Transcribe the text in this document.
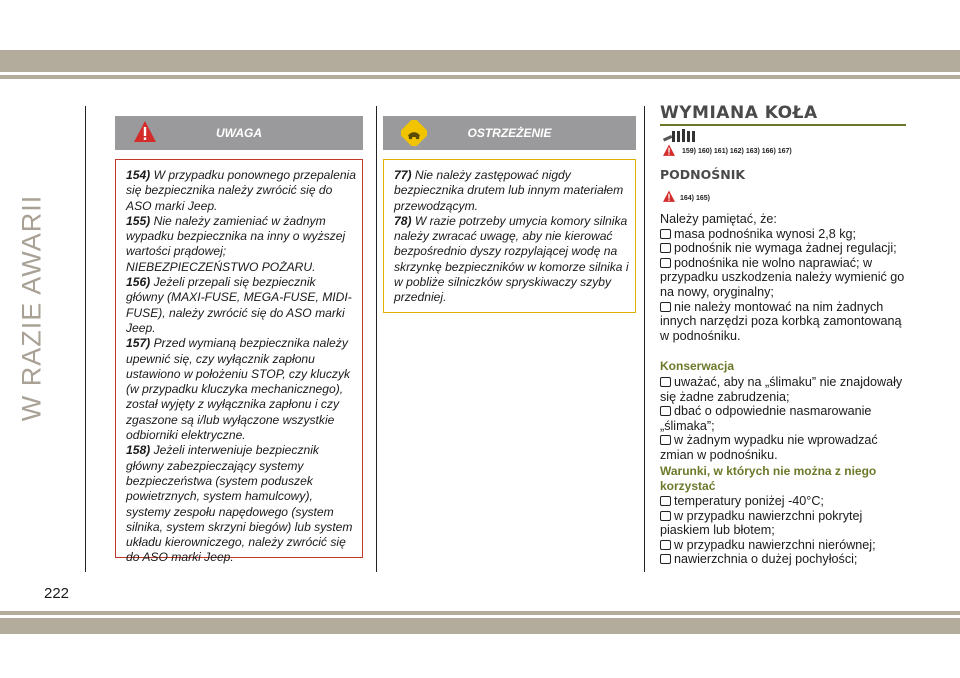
W RAZIE AWARII
UWAGA

154) W przypadku ponownego przepalenia się bezpiecznika należy zwrócić się do ASO marki Jeep.

155) Nie należy zamieniać w żadnym wypadku bezpiecznika na inny o wyższej wartości prądowej; NIEBEZPIECZEŃSTWO POŻARU.

156) Jeżeli przepali się bezpiecznik główny (MAXI-FUSE, MEGA-FUSE, MIDI-FUSE), należy zwrócić się do ASO marki Jeep.

157) Przed wymianą bezpiecznika należy upewnić się, czy wyłącznik zapłonu ustawiono w położeniu STOP, czy kluczyk (w przypadku kluczyka mechanicznego), został wyjęty z wyłącznika zapłonu i czy zgaszone są i/lub wyłączone wszystkie odbiorniki elektryczne.

158) Jeżeli interweniuje bezpiecznik główny zabezpieczający systemy bezpieczeństwa (system poduszek powietrznych, system hamulcowy), systemy zespołu napędowego (system silnika, system skrzyni biegów) lub system układu kierowniczego, należy zwrócić się do ASO marki Jeep.

OSTRZEŻENIE

77) Nie należy zastępować nigdy bezpiecznika drutem lub innym materiałem przewodzącym.

78) W razie potrzeby umycia komory silnika należy zwracać uwagę, aby nie kierować bezpośrednio dyszy rozpylającej wodę na skrzynkę bezpieczników w komorze silnika i w pobliże silniczków spryskiwaczy szyby przedniej.

WYMIANA KOŁA
159) 160) 161) 162) 163) 166) 167)
PODNOŚNIK
164) 165)
Należy pamiętać, że:
masa podnośnika wynosi 2,8 kg;
podnośnik nie wymaga żadnej regulacji;
podnośnika nie wolno naprawiać; w przypadku uszkodzenia należy wymienić go na nowy, oryginalny;
nie należy montować na nim żadnych innych narzędzi poza korbką zamontowaną w podnośniku.
Konserwacja
uważać, aby na „ślimaku” nie znajdowały się żadne zabrudzenia;
dbać o odpowiednie nasmarowanie „ślimaka”;
w żadnym wypadku nie wprowadzać zmian w podnośniku.
Warunki, w których nie można z niego korzystać
temperatury poniżej -40°C;
w przypadku nawierzchni pokrytej piaskiem lub błotem;
w przypadku nawierzchni nierównej;
nawierzchnia o dużej pochyłości;
222
